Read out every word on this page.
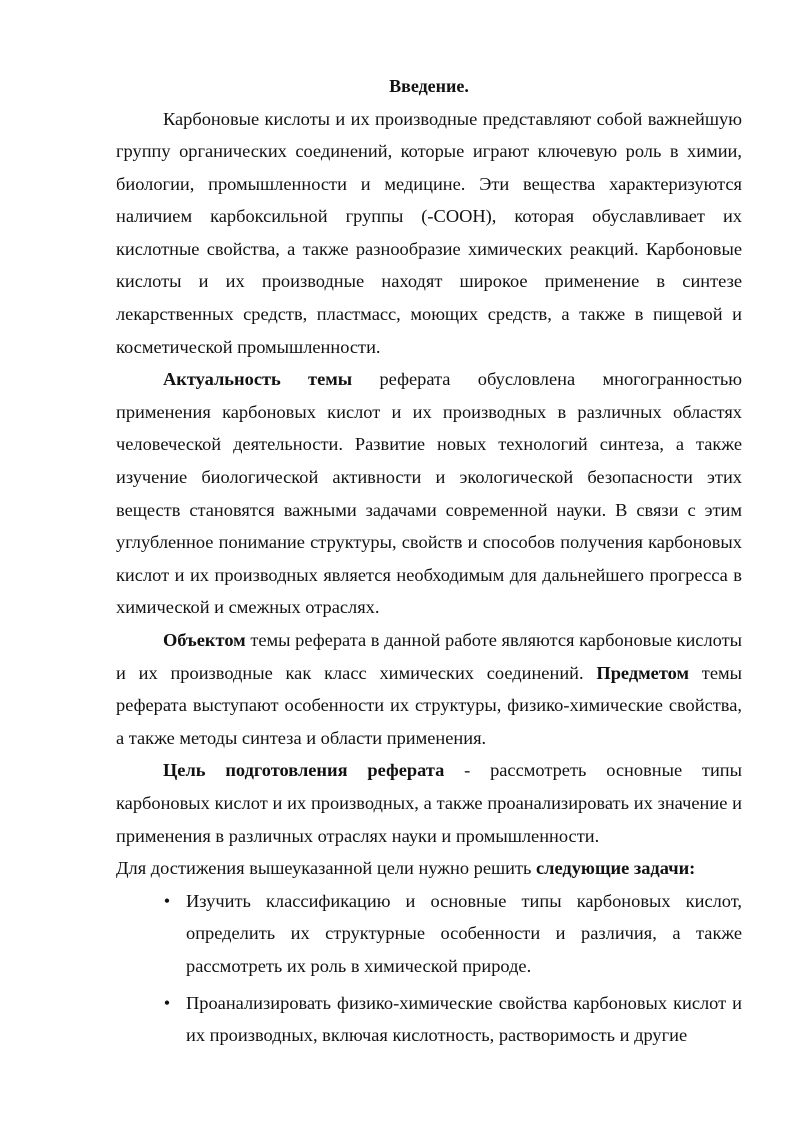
Введение.

Карбоновые кислоты и их производные представляют собой важнейшую группу органических соединений, которые играют ключевую роль в химии, биологии, промышленности и медицине. Эти вещества характеризуются наличием карбоксильной группы (-COOH), которая обуславливает их кислотные свойства, а также разнообразие химических реакций. Карбоновые кислоты и их производные находят широкое применение в синтезе лекарственных средств, пластмасс, моющих средств, а также в пищевой и косметической промышленности.

Актуальность темы реферата обусловлена многогранностью применения карбоновых кислот и их производных в различных областях человеческой деятельности. Развитие новых технологий синтеза, а также изучение биологической активности и экологической безопасности этих веществ становятся важными задачами современной науки. В связи с этим углубленное понимание структуры, свойств и способов получения карбоновых кислот и их производных является необходимым для дальнейшего прогресса в химической и смежных отраслях.

Объектом темы реферата в данной работе являются карбоновые кислоты и их производные как класс химических соединений. Предметом темы реферата выступают особенности их структуры, физико-химические свойства, а также методы синтеза и области применения.

Цель подготовления реферата - рассмотреть основные типы карбоновых кислот и их производных, а также проанализировать их значение и применения в различных отраслях науки и промышленности.

Для достижения вышеуказанной цели нужно решить следующие задачи:

• Изучить классификацию и основные типы карбоновых кислот, определить их структурные особенности и различия, а также рассмотреть их роль в химической природе.
• Проанализировать физико-химические свойства карбоновых кислот и их производных, включая кислотность, растворимость и другие
